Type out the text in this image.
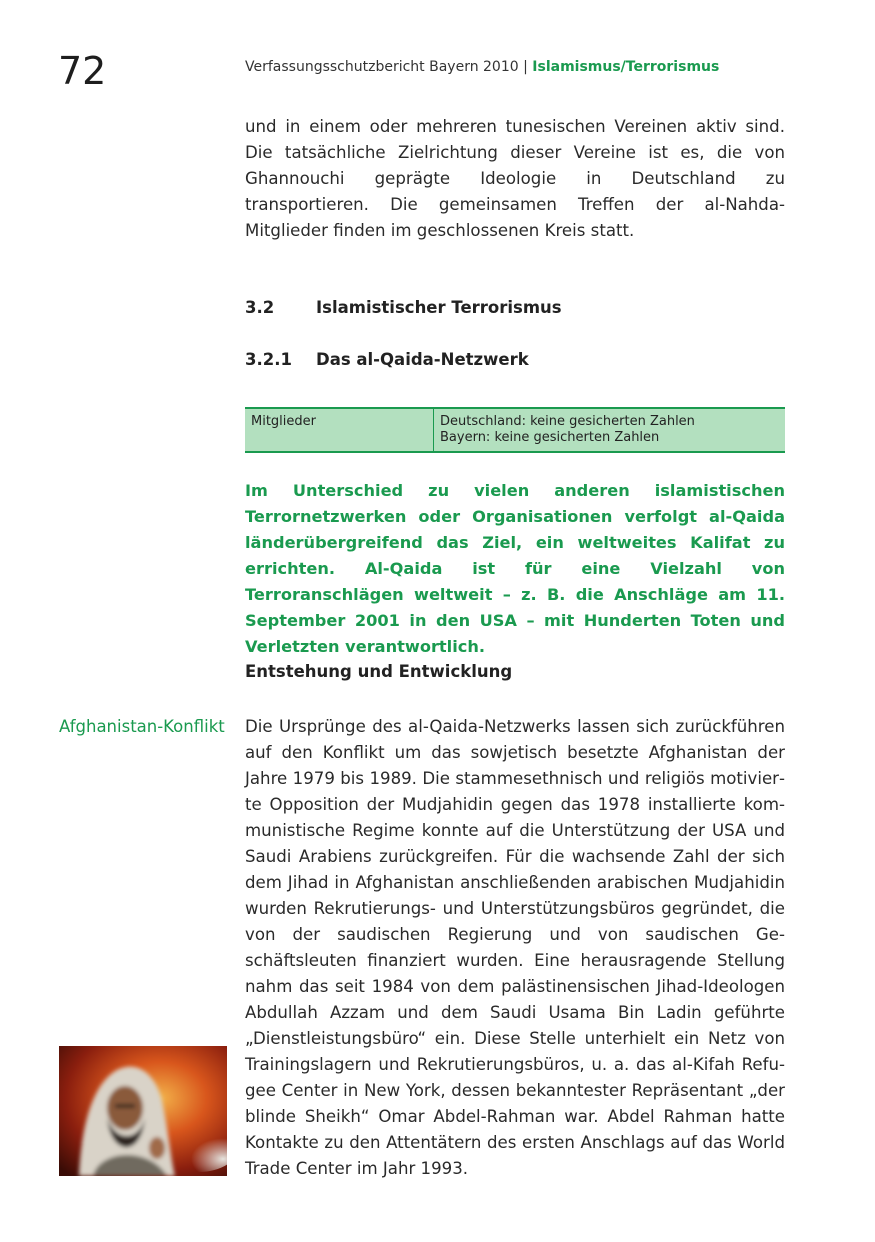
72	Verfassungsschutzbericht Bayern 2010 | Islamismus/Terrorismus

und in einem oder mehreren tunesischen Vereinen aktiv sind. Die tatsächliche Zielrichtung dieser Vereine ist es, die von Ghannouchi geprägte Ideologie in Deutschland zu transportieren. Die gemeinsamen Treffen der al-Nahda-Mitglieder finden im geschlossenen Kreis statt.

3.2	Islamistischer Terrorismus
3.2.1 Das al-Qaida-Netzwerk
Mitglieder	Deutschland: keine gesicherten Zahlen
Bayern: keine gesicherten Zahlen

Im Unterschied zu vielen anderen islamistischen Terrornetzwerken oder Organisationen verfolgt al-Qaida länderübergreifend das Ziel, ein weltweites Kalifat zu errichten. Al-Qaida ist für eine Vielzahl von Terroranschlägen weltweit – z. B. die Anschläge am 11. September 2001 in den USA – mit Hunderten Toten und Verletzten verantwortlich.

Entstehung und Entwicklung
Afghanistan-Konflikt Die Ursprünge des al-Qaida-Netzwerks lassen sich zurückführen auf den Konflikt um das sowjetisch besetzte Afghanistan der Jahre 1979 bis 1989. Die stammesethnisch und religiös motivierte Opposition der Mudjahidin gegen das 1978 installierte kommunistische Regime konnte auf die Unterstützung der USA und Saudi Arabiens zurückgreifen. Für die wachsende Zahl der sich dem Jihad in Afghanistan anschließenden arabischen Mudjahidin wurden Rekrutierungs- und Unterstützungsbüros gegründet, die von der saudischen Regierung und von saudischen Geschäftsleuten finanziert wurden. Eine herausragende Stellung nahm das seit 1984 von dem palästinensischen Jihad-Ideologen Abdullah Azzam und dem Saudi Usama Bin Ladin geführte „Dienstleistungsbüro“ ein. Diese Stelle unterhielt ein Netz von Trainingslagern und Rekrutierungsbüros, u. a. das al-Kifah Refugee Center in New York, dessen bekanntester Repräsentant „der blinde Sheikh“ Omar Abdel-Rahman war. Abdel Rahman hatte Kontakte zu den Attentätern des ersten Anschlags auf das World Trade Center im Jahr 1993.
